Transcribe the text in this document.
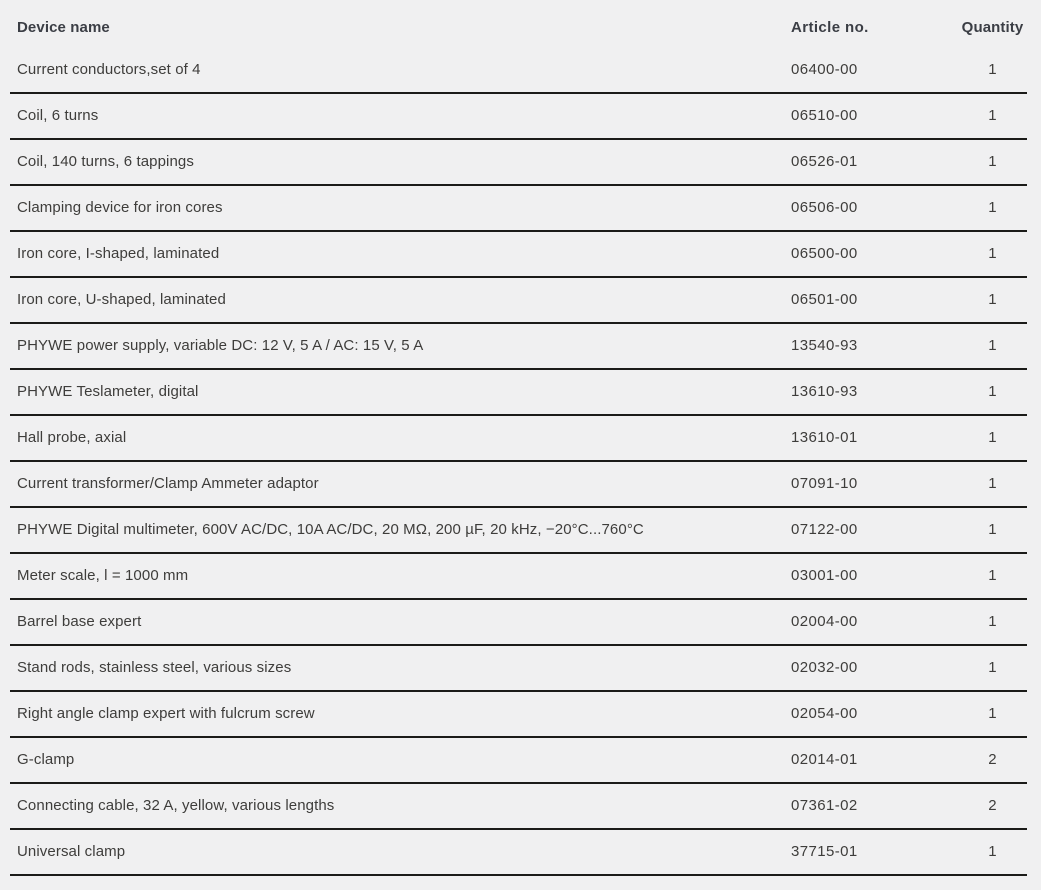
Device name	Article no.	Quantity
Current conductors,set of 4	06400-00	1
Coil, 6 turns	06510-00	1
Coil, 140 turns, 6 tappings	06526-01	1
Clamping device for iron cores	06506-00	1
Iron core, I-shaped, laminated	06500-00	1
Iron core, U-shaped, laminated	06501-00	1
PHYWE power supply, variable DC: 12 V, 5 A / AC: 15 V, 5 A	13540-93	1
PHYWE Teslameter, digital	13610-93	1
Hall probe, axial	13610-01	1
Current transformer/Clamp Ammeter adaptor	07091-10	1
PHYWE Digital multimeter, 600V AC/DC, 10A AC/DC, 20 MΩ, 200 µF, 20 kHz, −20°C...760°C	07122-00	1
Meter scale, l = 1000 mm	03001-00	1
Barrel base expert	02004-00	1
Stand rods, stainless steel, various sizes	02032-00	1
Right angle clamp expert with fulcrum screw	02054-00	1
G-clamp	02014-01	2
Connecting cable, 32 A, yellow, various lengths	07361-02	2
Universal clamp	37715-01	1
